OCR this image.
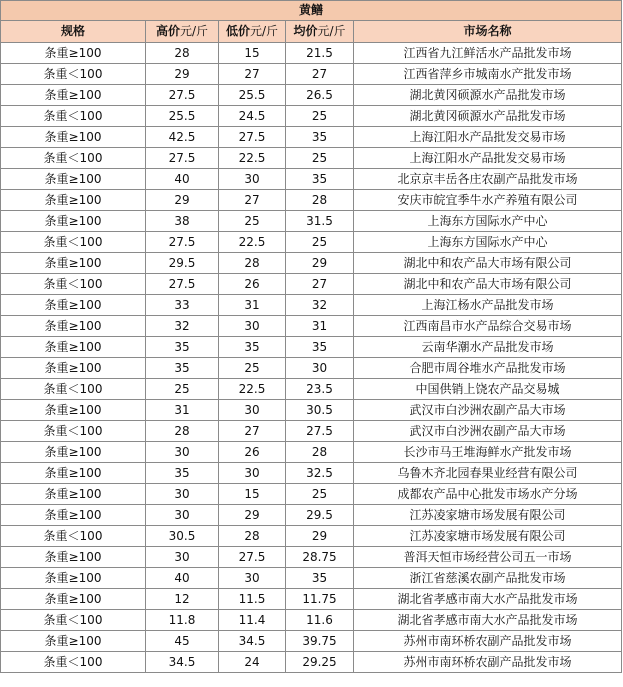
黄鳝				
规格	高价元/斤	低价元/斤	均价元/斤	市场名称
条重≥100	28	15	21.5	江西省九江鲜活水产品批发市场
条重＜100	29	27	27	江西省萍乡市城南水产批发市场
条重≥100	27.5	25.5	26.5	湖北黄冈硕源水产品批发市场
条重＜100	25.5	24.5	25	湖北黄冈硕源水产品批发市场
条重≥100	42.5	27.5	35	上海江阳水产品批发交易市场
条重＜100	27.5	22.5	25	上海江阳水产品批发交易市场
条重≥100	40	30	35	北京京丰岳各庄农副产品批发市场
条重≥100	29	27	28	安庆市皖宜季牛水产养殖有限公司
条重≥100	38	25	31.5	上海东方国际水产中心
条重＜100	27.5	22.5	25	上海东方国际水产中心
条重≥100	29.5	28	29	湖北中和农产品大市场有限公司
条重＜100	27.5	26	27	湖北中和农产品大市场有限公司
条重≥100	33	31	32	上海江杨水产品批发市场
条重≥100	32	30	31	江西南昌市水产品综合交易市场
条重≥100	35	35	35	云南华潮水产品批发市场
条重≥100	35	25	30	合肥市周谷堆水产品批发市场
条重＜100	25	22.5	23.5	中国供销上饶农产品交易城
条重≥100	31	30	30.5	武汉市白沙洲农副产品大市场
条重＜100	28	27	27.5	武汉市白沙洲农副产品大市场
条重≥100	30	26	28	长沙市马王堆海鲜水产批发市场
条重≥100	35	30	32.5	乌鲁木齐北园春果业经营有限公司
条重≥100	30	15	25	成都农产品中心批发市场水产分场
条重≥100	30	29	29.5	江苏凌家塘市场发展有限公司
条重＜100	30.5	28	29	江苏凌家塘市场发展有限公司
条重≥100	30	27.5	28.75	普洱天恒市场经营公司五一市场
条重≥100	40	30	35	浙江省慈溪农副产品批发市场
条重≥100	12	11.5	11.75	湖北省孝感市南大水产品批发市场
条重＜100	11.8	11.4	11.6	湖北省孝感市南大水产品批发市场
条重≥100	45	34.5	39.75	苏州市南环桥农副产品批发市场
条重＜100	34.5	24	29.25	苏州市南环桥农副产品批发市场
